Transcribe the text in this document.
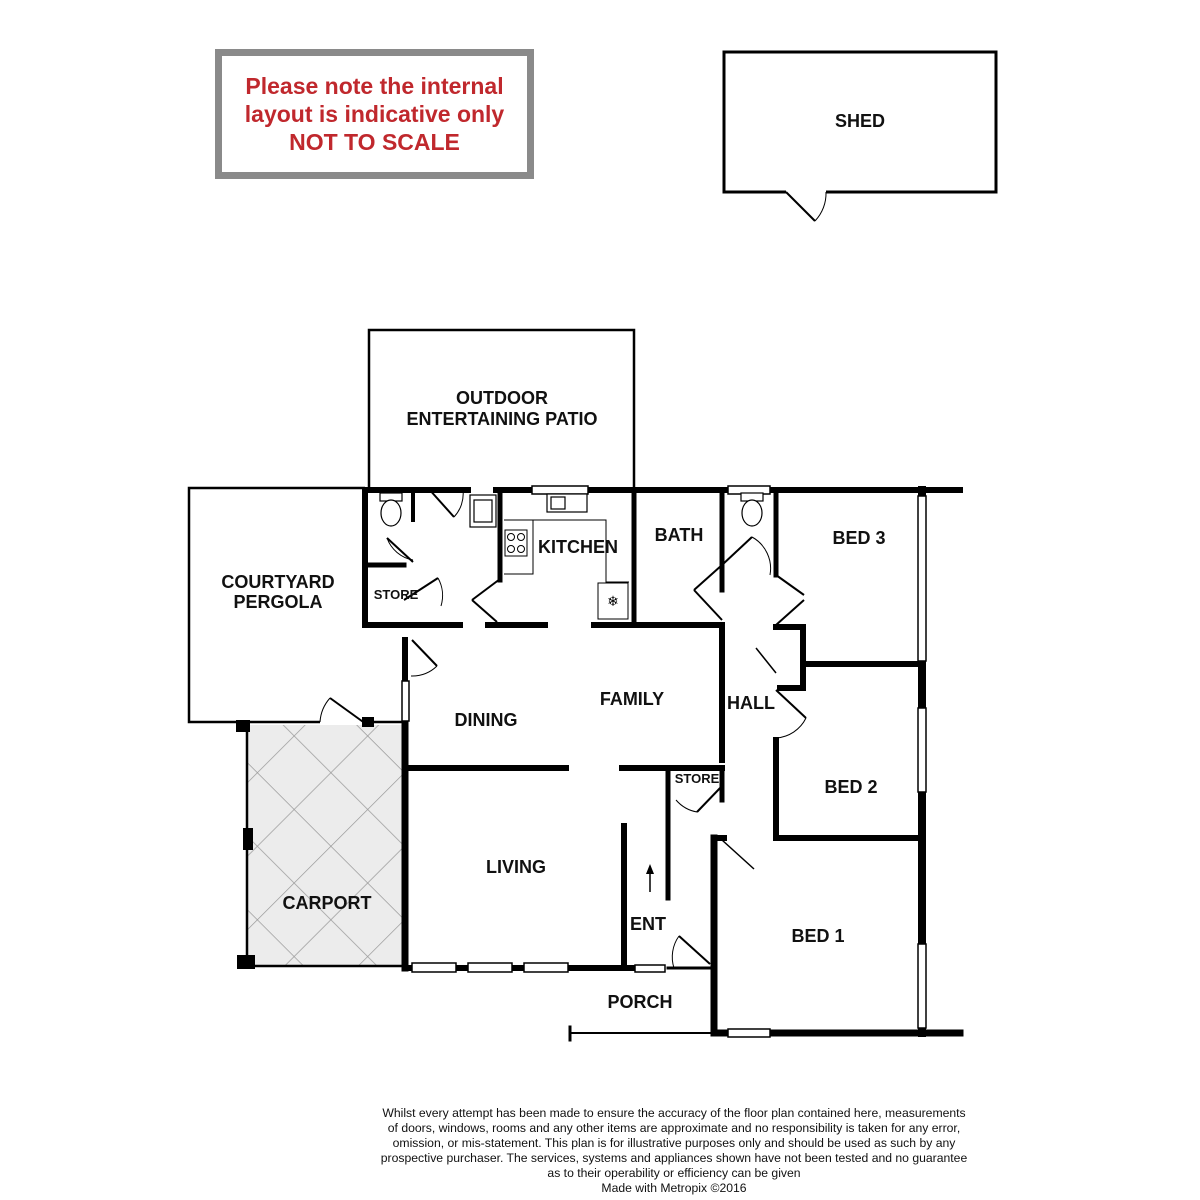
Please note the internal
layout is indicative only
NOT TO SCALE
❄
SHED
OUTDOOR
ENTERTAINING PATIO
COURTYARD
PERGOLA	STORE
KITCHEN
BATH	BED 3
BED 2
BED 1
HALL
FAMILY
DINING
STORE
LIVING
CARPORT
ENT
PORCH
Whilst every attempt has been made to ensure the accuracy of the floor plan contained here, measurements
of doors, windows, rooms and any other items are approximate and no responsibility is taken for any error,
omission, or mis-statement. This plan is for illustrative purposes only and should be used as such by any
prospective purchaser. The services, systems and appliances shown have not been tested and no guarantee
as to their operability or efficiency can be given
Made with Metropix ©2016
